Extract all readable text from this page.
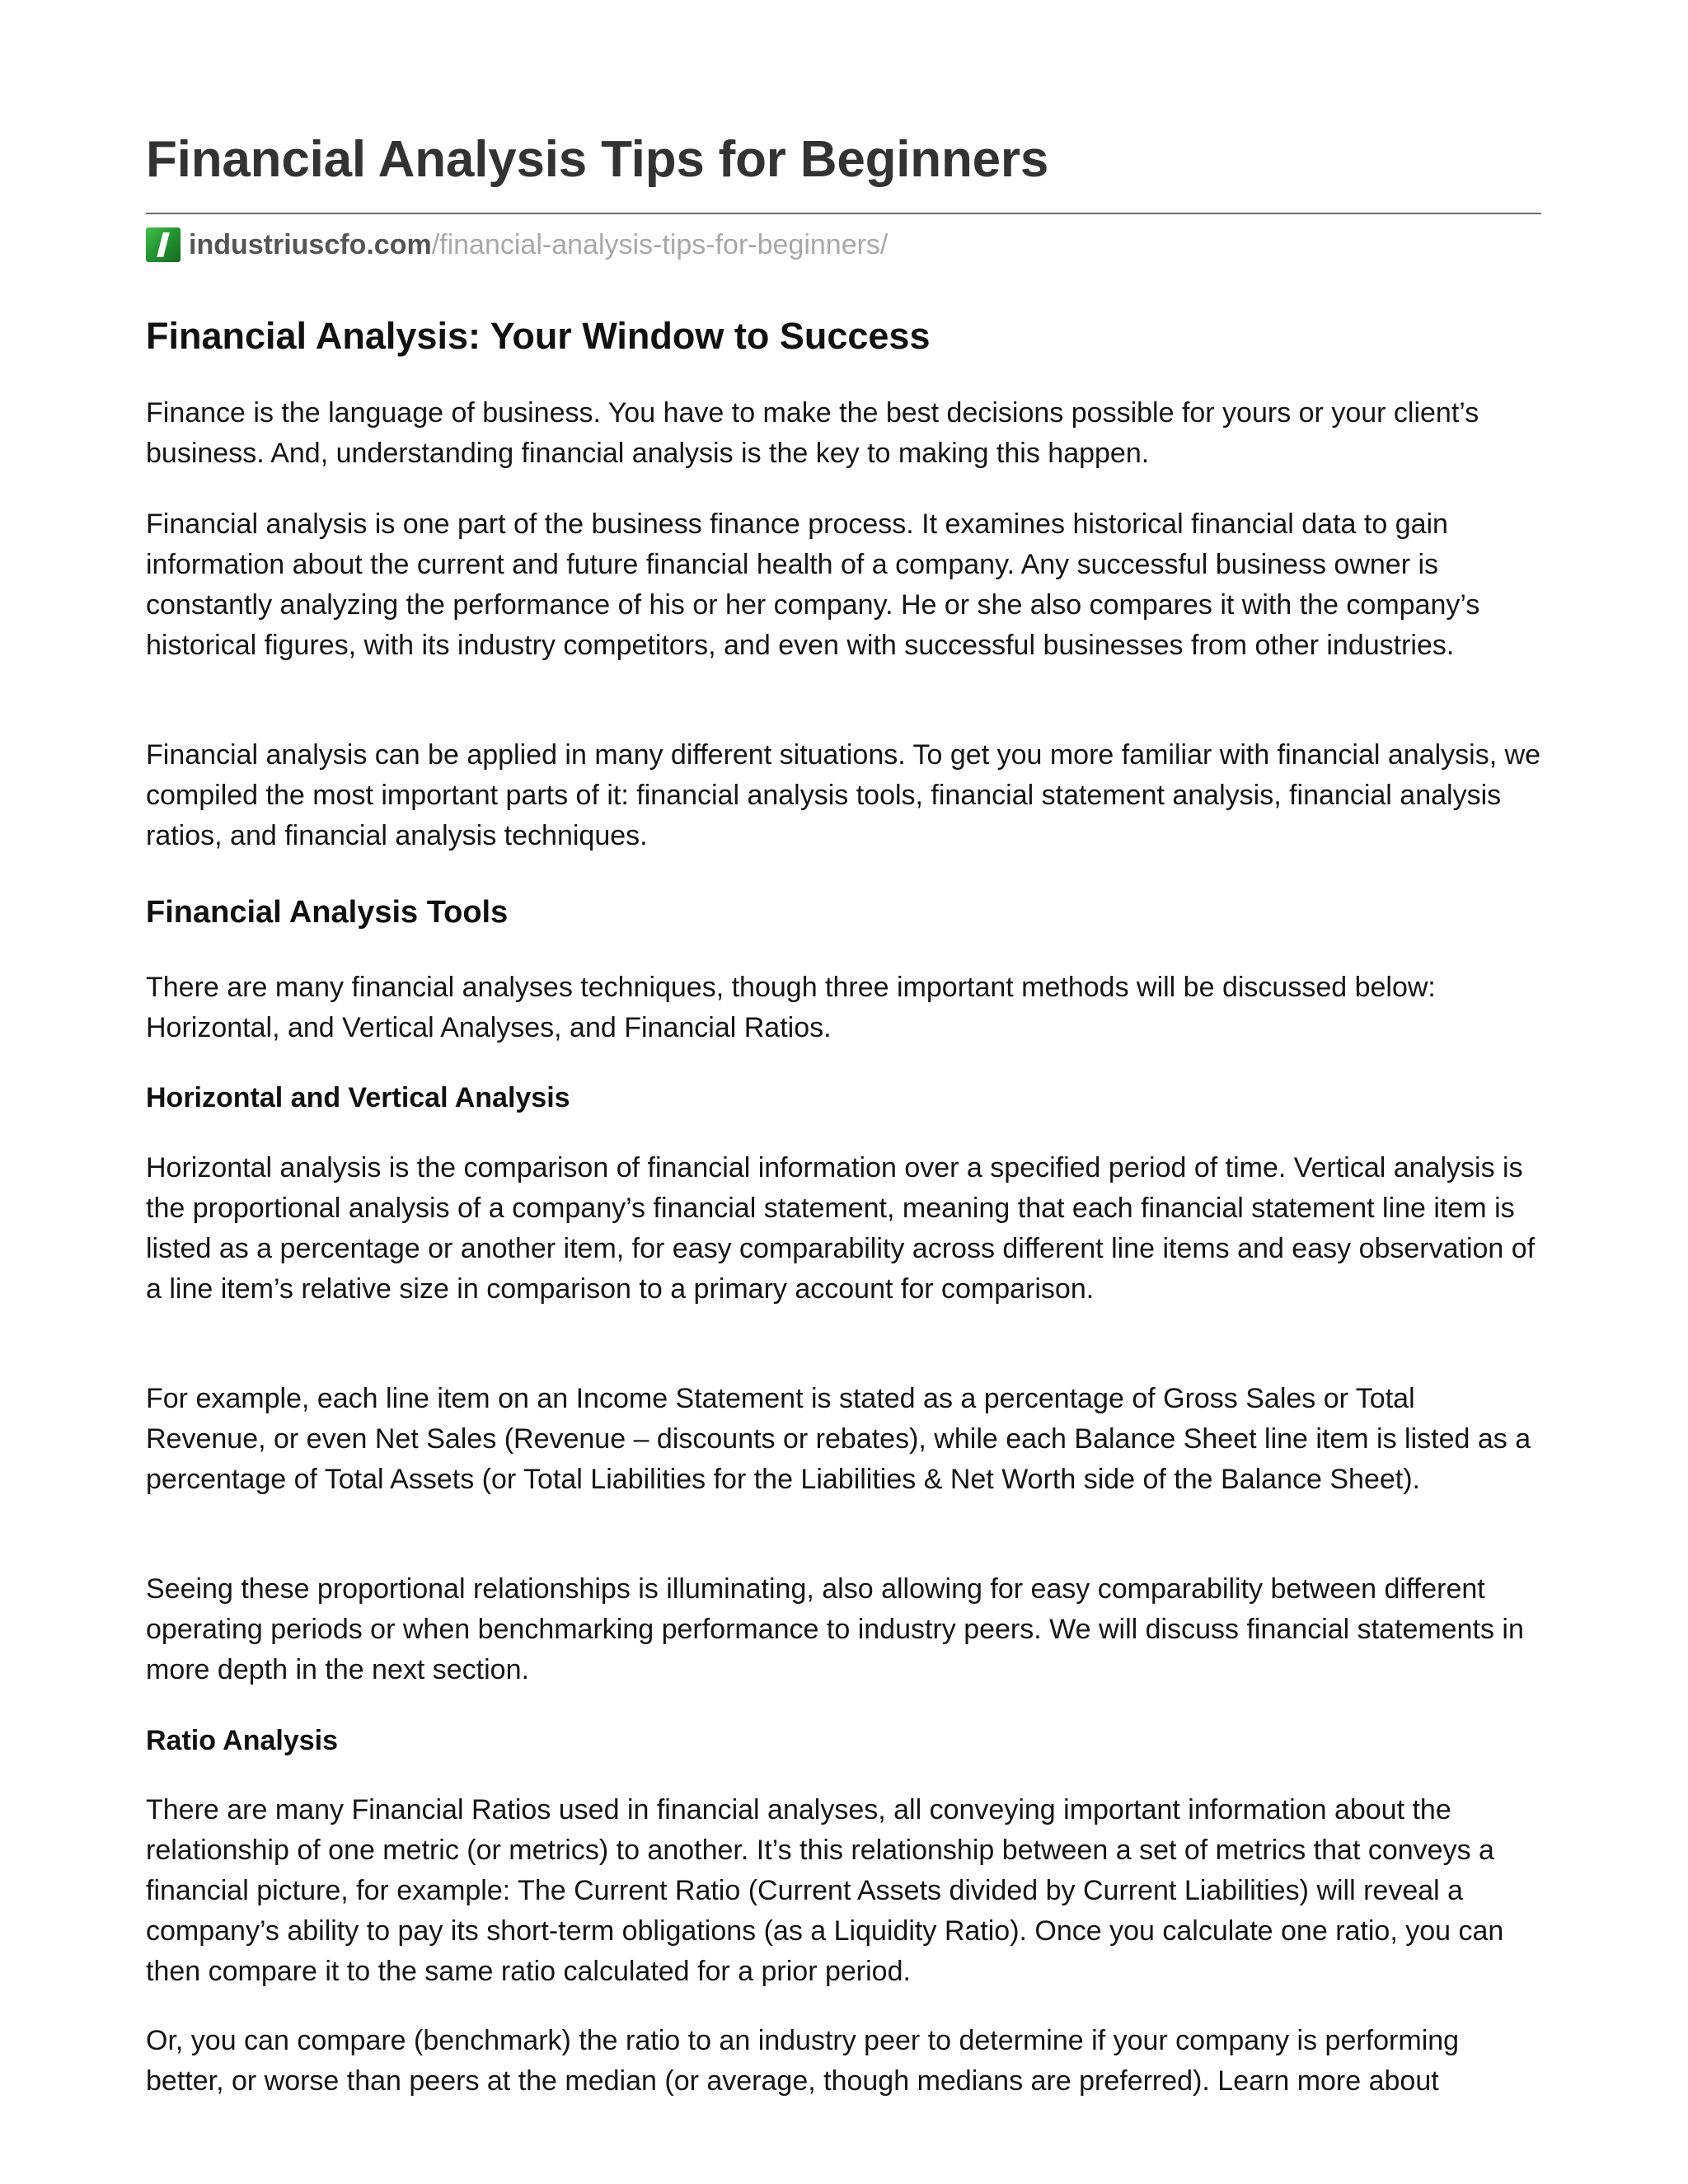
Financial Analysis Tips for Beginners
industriuscfo.com /financial-analysis-tips-for-beginners/
Financial Analysis: Your Window to Success

Finance is the language of business. You have to make the best decisions possible for yours or your client’s business. And, understanding financial analysis is the key to making this happen.

Financial analysis is one part of the business finance process. It examines historical financial data to gain information about the current and future financial health of a company. Any successful business owner is constantly analyzing the performance of his or her company. He or she also compares it with the company’s historical figures, with its industry competitors, and even with successful businesses from other industries.

Financial analysis can be applied in many different situations. To get you more familiar with financial analysis, we compiled the most important parts of it: financial analysis tools, financial statement analysis, financial analysis ratios, and financial analysis techniques.

Financial Analysis Tools

There are many financial analyses techniques, though three important methods will be discussed below: Horizontal, and Vertical Analyses, and Financial Ratios.

Horizontal and Vertical Analysis

Horizontal analysis is the comparison of financial information over a specified period of time. Vertical analysis is the proportional analysis of a company’s financial statement, meaning that each financial statement line item is listed as a percentage or another item, for easy comparability across different line items and easy observation of a line item’s relative size in comparison to a primary account for comparison.

For example, each line item on an Income Statement is stated as a percentage of Gross Sales or Total Revenue, or even Net Sales (Revenue – discounts or rebates), while each Balance Sheet line item is listed as a percentage of Total Assets (or Total Liabilities for the Liabilities & Net Worth side of the Balance Sheet).

Seeing these proportional relationships is illuminating, also allowing for easy comparability between different operating periods or when benchmarking performance to industry peers. We will discuss financial statements in more depth in the next section.

Ratio Analysis

There are many Financial Ratios used in financial analyses, all conveying important information about the relationship of one metric (or metrics) to another. It’s this relationship between a set of metrics that conveys a financial picture, for example: The Current Ratio (Current Assets divided by Current Liabilities) will reveal a company’s ability to pay its short-term obligations (as a Liquidity Ratio). Once you calculate one ratio, you can then compare it to the same ratio calculated for a prior period.

Or, you can compare (benchmark) the ratio to an industry peer to determine if your company is performing better, or worse than peers at the median (or average, though medians are preferred). Learn more about
